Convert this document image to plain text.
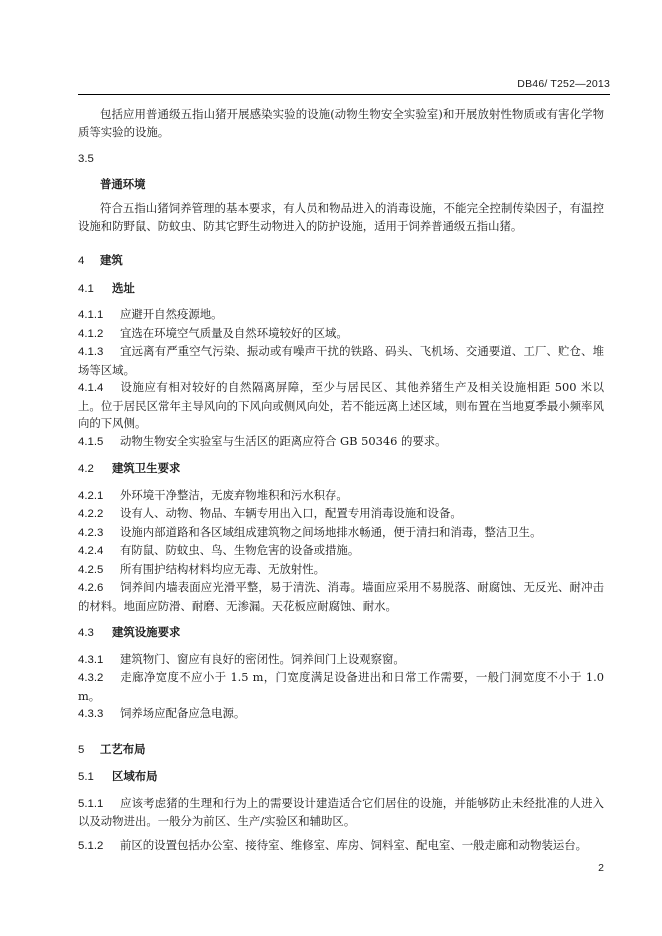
DB46/ T252—2013

包括应用普通级五指山猪开展感染实验的设施(动物生物安全实验室)和开展放射性物质或有害化学物质等实验的设施。

3.5
普通环境

符合五指山猪饲养管理的基本要求，有人员和物品进入的消毒设施，不能完全控制传染因子，有温控设施和防野鼠、防蚊虫、防其它野生动物进入的防护设施，适用于饲养普通级五指山猪。

4 建筑
4.1 选址

4.1.1 应避开自然疫源地。

4.1.2 宜选在环境空气质量及自然环境较好的区域。

4.1.3 宜远离有严重空气污染、振动或有噪声干扰的铁路、码头、飞机场、交通要道、工厂、贮仓、堆场等区域。

4.1.4 设施应有相对较好的自然隔离屏障，至少与居民区、其他养猪生产及相关设施相距 500 米以上。位于居民区常年主导风向的下风向或侧风向处，若不能远离上述区域，则布置在当地夏季最小频率风向的下风侧。

4.1.5 动物生物安全实验室与生活区的距离应符合 GB 50346 的要求。

4.2 建筑卫生要求

4.2.1 外环境干净整洁，无废弃物堆积和污水积存。

4.2.2 设有人、动物、物品、车辆专用出入口，配置专用消毒设施和设备。

4.2.3 设施内部道路和各区域组成建筑物之间场地排水畅通，便于清扫和消毒，整洁卫生。

4.2.4 有防鼠、防蚊虫、鸟、生物危害的设备或措施。

4.2.5 所有围护结构材料均应无毒、无放射性。

4.2.6 饲养间内墙表面应光滑平整，易于清洗、消毒。墙面应采用不易脱落、耐腐蚀、无反光、耐冲击的材料。地面应防滑、耐磨、无渗漏。天花板应耐腐蚀、耐水。

4.3 建筑设施要求

4.3.1 建筑物门、窗应有良好的密闭性。饲养间门上设观察窗。

4.3.2 走廊净宽度不应小于 1.5 m，门宽度满足设备进出和日常工作需要，一般门洞宽度不小于 1.0 m。

4.3.3 饲养场应配备应急电源。

5 工艺布局
5.1 区域布局

5.1.1 应该考虑猪的生理和行为上的需要设计建造适合它们居住的设施，并能够防止未经批准的人进入以及动物进出。一般分为前区、生产/实验区和辅助区。

5.1.2 前区的设置包括办公室、接待室、维修室、库房、饲料室、配电室、一般走廊和动物装运台。

2
